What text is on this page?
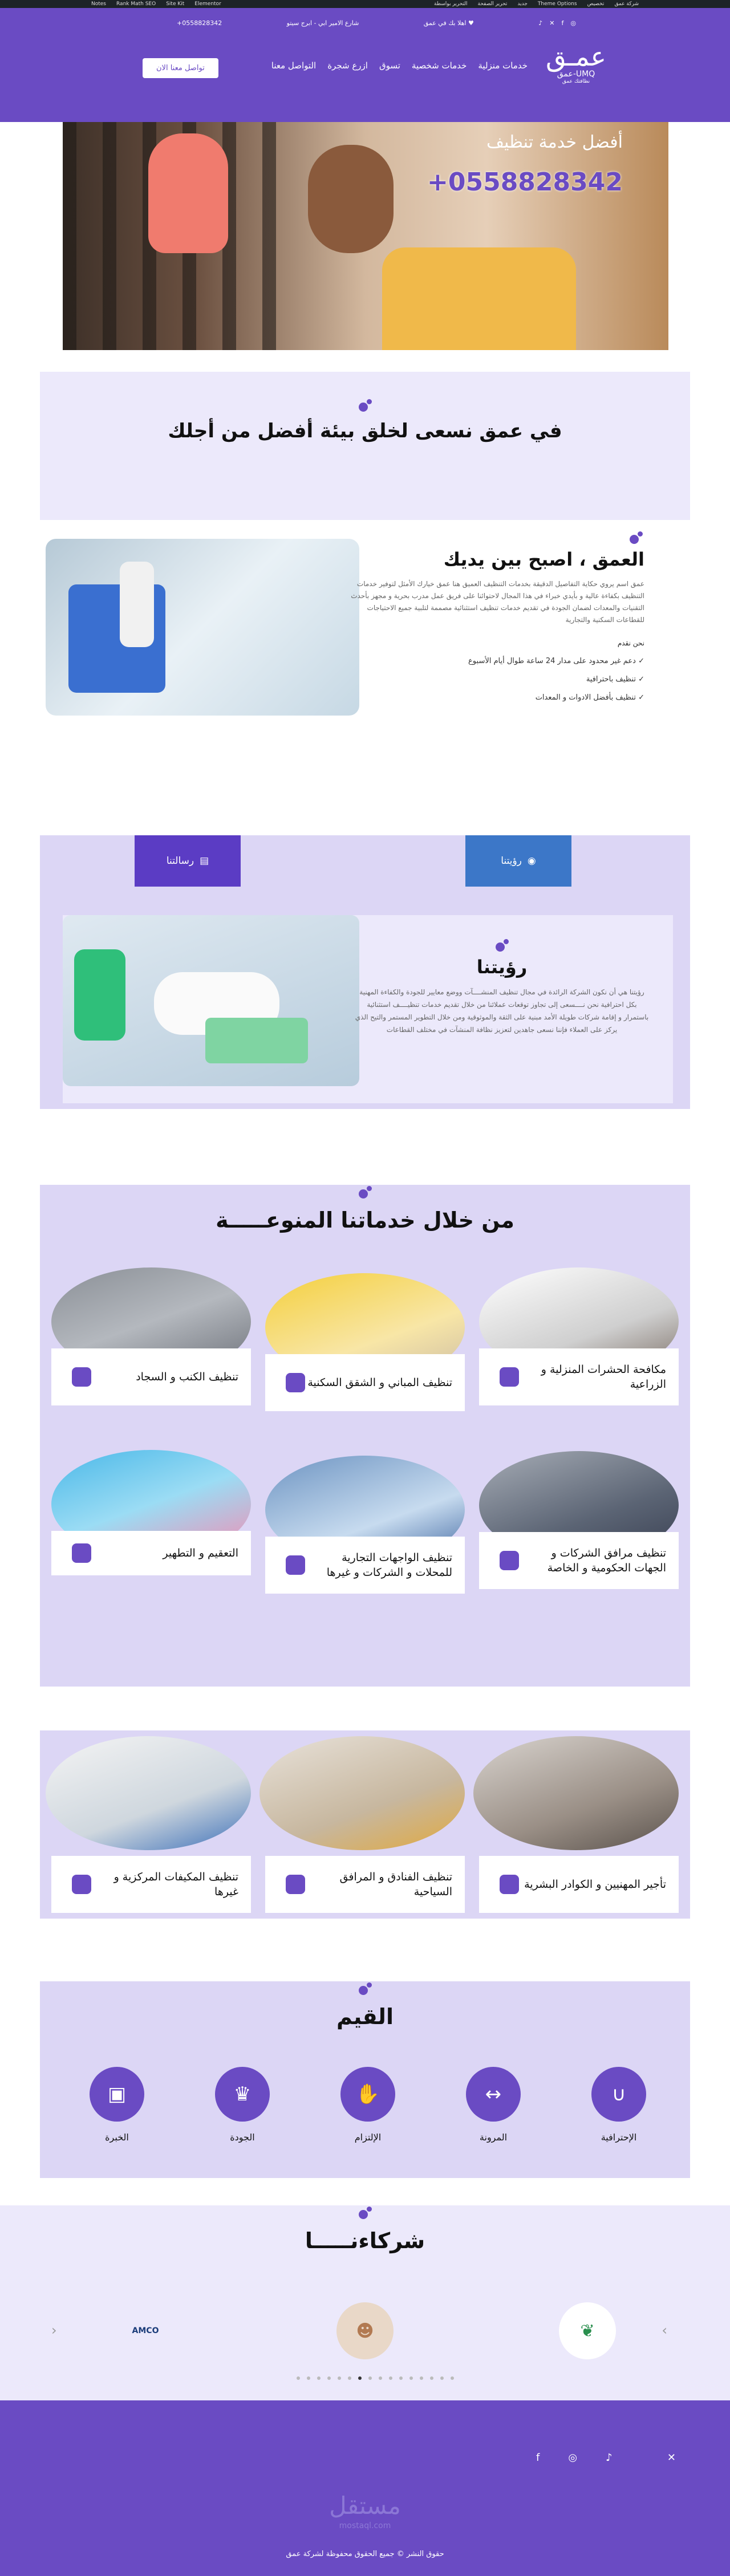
شركة عمق
تخصيص
Theme Options
جديد
تحرير الصفحة
التحرير بواسطة
Elementor
Site Kit
Rank Math SEO
Notes
◎
f
✕
♪
♥ اهلا بك في عمق
شارع الامير ابي - ابرج سيتو
0558828342+
عمـق
UMQ-عمق
نظافتك عمق
خدمات منزلية
خدمات شخصية
تسوق
ازرع شجرة
التواصل معنا
تواصل معنا الان
أفضل خدمة تنظيف
0558828342+
في عمق نسعى لخلق بيئة أفضل من أجلك
العمق ، اصبح بين يديك

عمق اسم يروي حكاية التفاصيل الدقيقة بخدمات التنظيف العميق هنا عمق خيارك الأمثل لتوفير خدمات التنظيف بكفاءة عالية و بأيدي خبراء في هذا المجال لاحتوائنا على فريق عمل مدرب بحرية و مجهز بأحدث التقنيات والمعدات لضمان الجودة في تقديم خدمات تنظيف استثنائية مصممة لتلبية جميع الاحتياجات للقطاعات السكنية والتجارية

نحن نقدم
✓ دعم غير محدود على مدار 24 ساعة طوال أيام الأسبوع
✓ تنظيف باحترافية
✓ تنظيف بأفضل الادوات و المعدات
◉
رؤيتنا
▤
رسالتنا
رؤيتنا

رؤيتنا هي أن نكون الشركة الرائدة في مجال تنظيف المنشــــآت ووضع معايير للجودة والكفاءة المهنية بكل احترافية نحن نــــسعى إلى تجاوز توقعات عملائنا من خلال تقديم خدمات تنظيــــف استثنائية باستمرار و إقامة شركات طويلة الأمد مبنية على الثقة والموثوقية ومن خلال التطوير المستمر والتيح الذي يركز على العملاء فإننا نسعى جاهدين لتعزيز نظافة المنشآت في مختلف القطاعات

من خلال خدماتنا المنوعـــــة
مكافحة الحشرات المنزلية و الزراعية
تنظيف المباني و الشقق السكنية
تنظيف الكنب و السجاد
تنظيف مرافق الشركات و الجهات الحكومية و الخاصة
تنظيف الواجهات التجارية للمحلات و الشركات و غيرها
التعقيم و التطهير
تأجير المهنيين و الكوادر البشرية
تنظيف الفنادق و المرافق السياحية
تنظيف المكيفات المركزية و غيرها
القيم
∪
الإحترافية
↔
المرونة
✋
الإلتزام
♛
الجودة
▣
الخبرة
شركاءنـــــا
›
‹	❦
☻
AMCO
✕
♪
◎
f
مستقل
mostaql.com
حقوق النشر © جميع الحقوق محفوظة لشركة عمق
